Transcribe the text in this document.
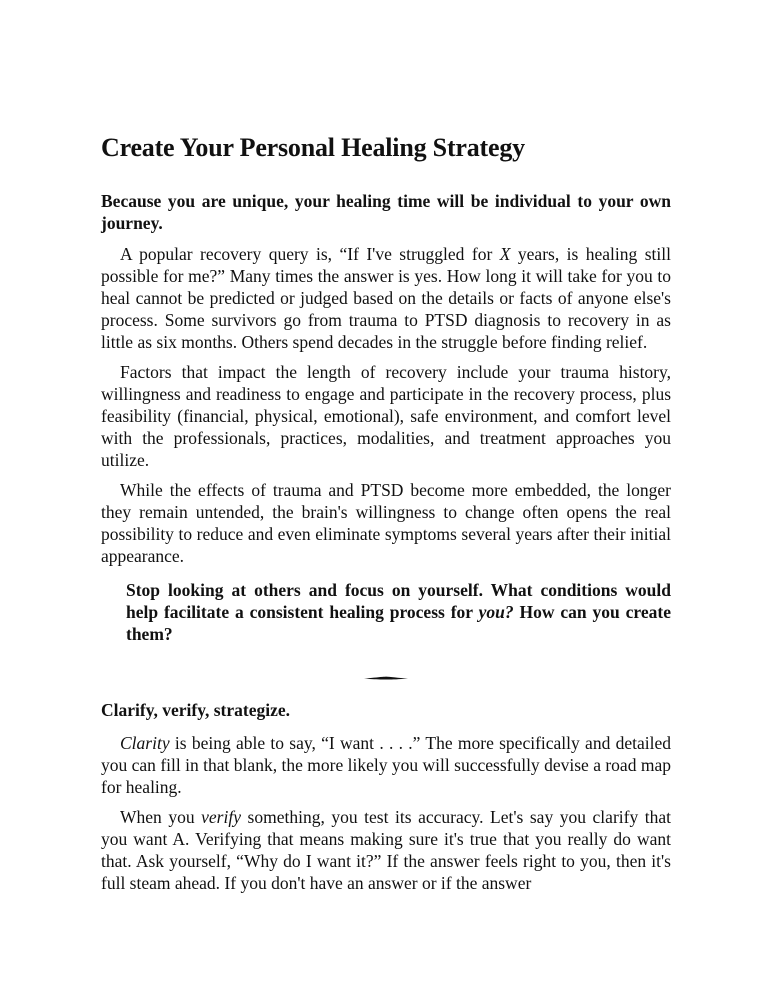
Create Your Personal Healing Strategy

Because you are unique, your healing time will be individual to your own journey.

A popular recovery query is, “If I've struggled for X years, is healing still possible for me?” Many times the answer is yes. How long it will take for you to heal cannot be predicted or judged based on the details or facts of anyone else's process. Some survivors go from trauma to PTSD diagnosis to recovery in as little as six months. Others spend decades in the struggle before finding relief.

Factors that impact the length of recovery include your trauma history, willingness and readiness to engage and participate in the recovery process, plus feasibility (financial, physical, emotional), safe environment, and comfort level with the professionals, practices, modalities, and treatment approaches you utilize.

While the effects of trauma and PTSD become more embedded, the longer they remain untended, the brain's willingness to change often opens the real possibility to reduce and even eliminate symptoms several years after their initial appearance.

Stop looking at others and focus on yourself. What conditions would help facilitate a consistent healing process for you? How can you create them?

Clarify, verify, strategize.

Clarity is being able to say, “I want . . . .” The more specifically and detailed you can fill in that blank, the more likely you will successfully devise a road map for healing.

When you verify something, you test its accuracy. Let's say you clarify that you want A. Verifying that means making sure it's true that you really do want that. Ask yourself, “Why do I want it?” If the answer feels right to you, then it's full steam ahead. If you don't have an answer or if the answer
